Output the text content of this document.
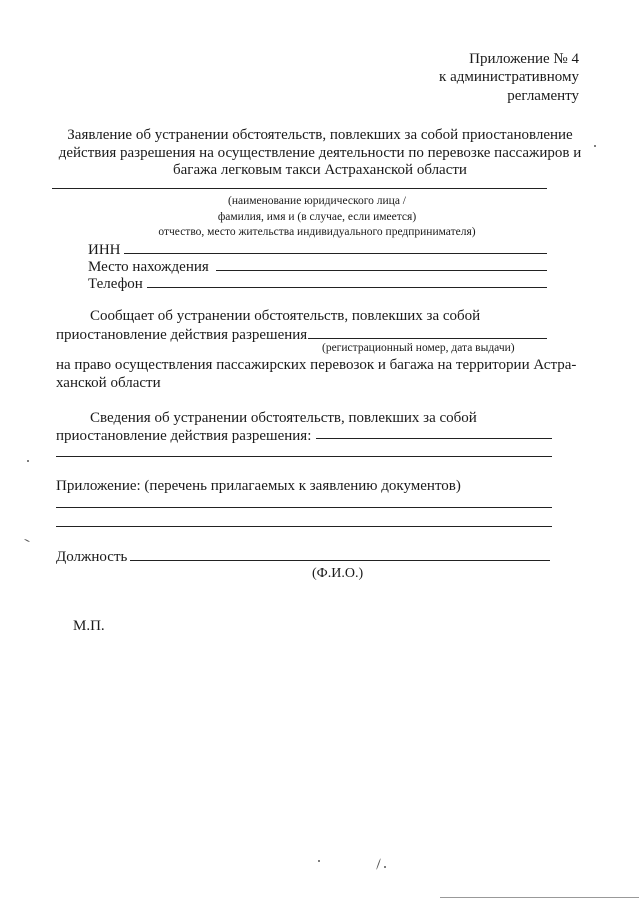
Приложение № 4
к административному
регламенту
Заявление об устранении обстоятельств, повлекших за собой приостановление
действия разрешения на осуществление деятельности по перевозке пассажиров и
багажа легковым такси Астраханской области
(наименование юридического лица /
фамилия, имя и (в случае, если имеется)
отчество, место жительства индивидуального предпринимателя)
ИНН
Место нахождения
Телефон
Сообщает об устранении обстоятельств, повлекших за собой
приостановление действия разрешения
(регистрационный номер, дата выдачи)
на право осуществления пассажирских перевозок и багажа на территории Астра-
ханской области
Сведения об устранении обстоятельств, повлекших за собой
приостановление действия разрешения:
Приложение: (перечень прилагаемых к заявлению документов)
Должность
(Ф.И.О.)
М.П.
